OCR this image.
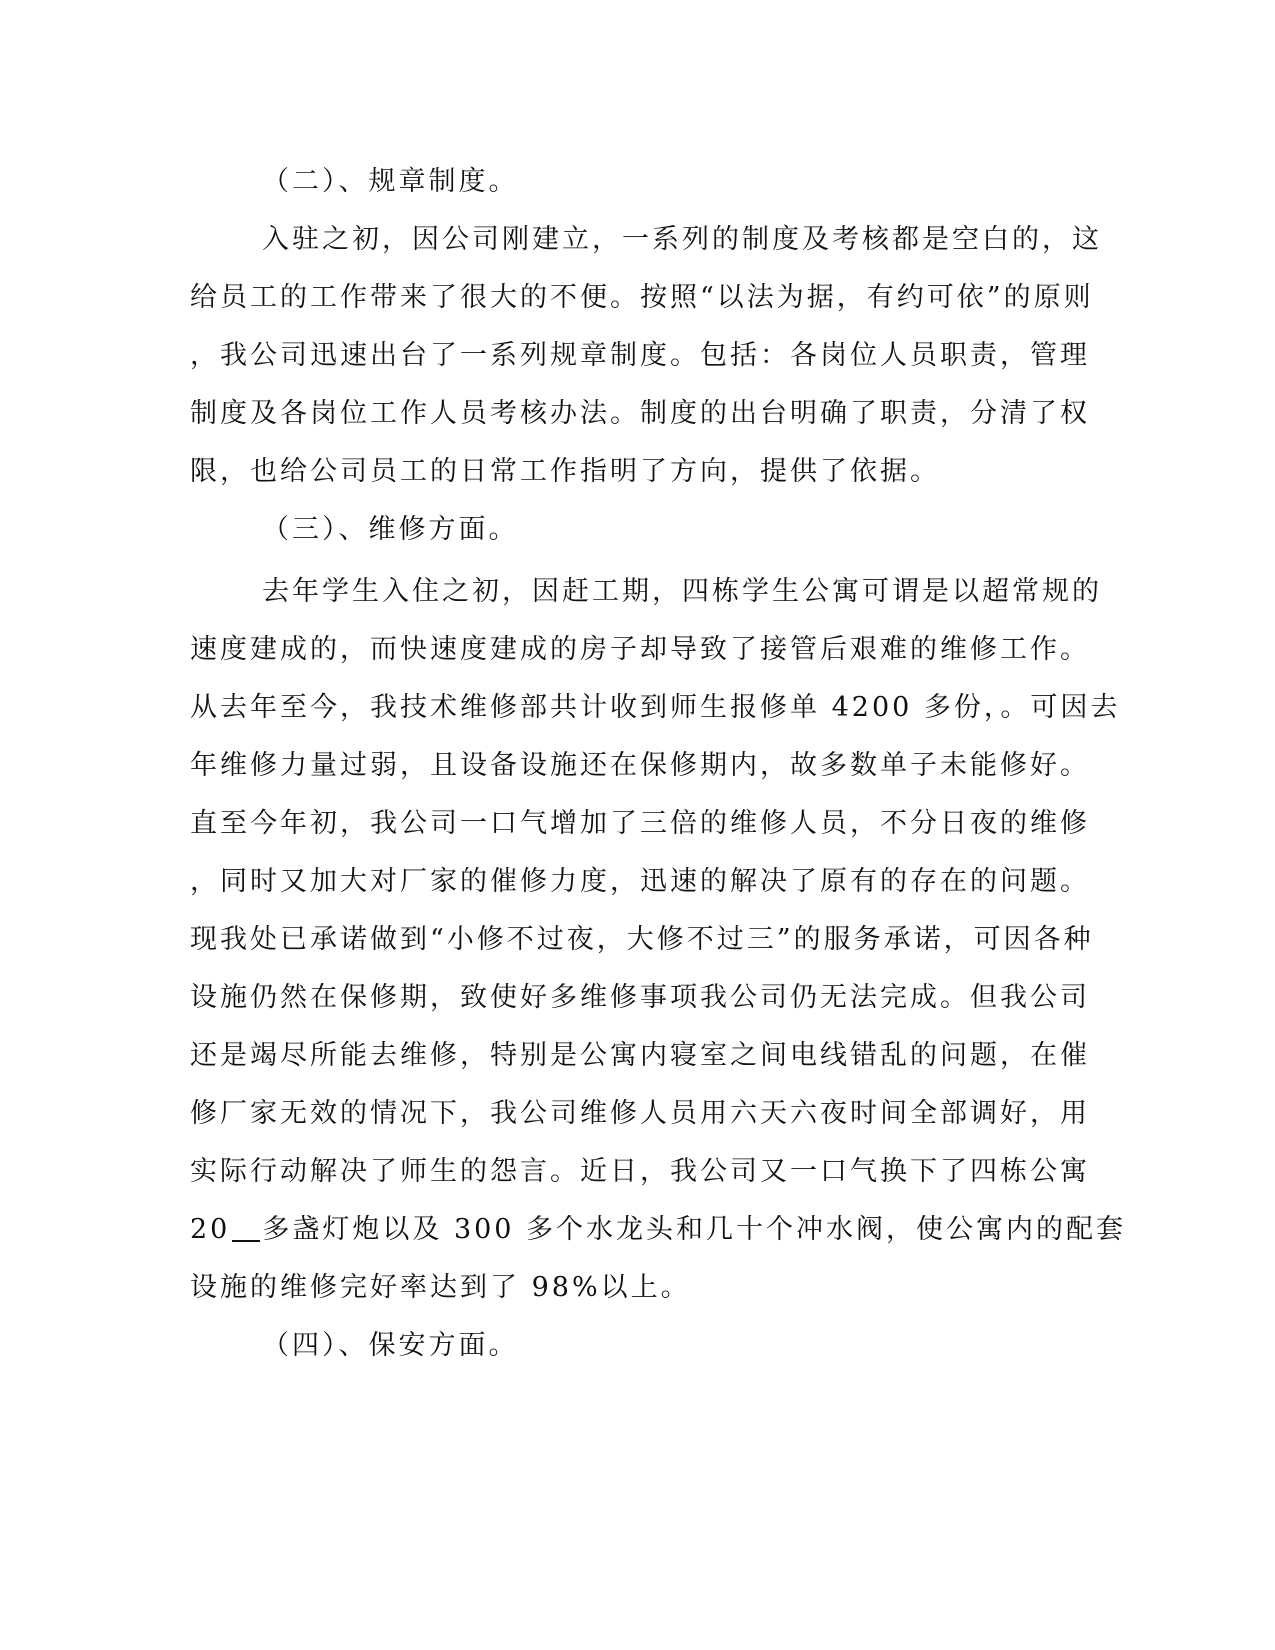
（二）、规章制度。
入驻之初，因公司刚建立，一系列的制度及考核都是空白的，这
给员工的工作带来了很大的不便。按照“以法为据，有约可依”的原则
，我公司迅速出台了一系列规章制度。包括：各岗位人员职责，管理
制度及各岗位工作人员考核办法。制度的出台明确了职责，分清了权
限，也给公司员工的日常工作指明了方向，提供了依据。
（三）、维修方面。
去年学生入住之初，因赶工期，四栋学生公寓可谓是以超常规的
速度建成的，而快速度建成的房子却导致了接管后艰难的维修工作。
从去年至今，我技术维修部共计收到师生报修单 4200 多份，。可因去
年维修力量过弱，且设备设施还在保修期内，故多数单子未能修好。
直至今年初，我公司一口气增加了三倍的维修人员，不分日夜的维修
，同时又加大对厂家的催修力度，迅速的解决了原有的存在的问题。
现我处已承诺做到“小修不过夜，大修不过三”的服务承诺，可因各种
设施仍然在保修期，致使好多维修事项我公司仍无法完成。但我公司
还是竭尽所能去维修，特别是公寓内寝室之间电线错乱的问题，在催
修厂家无效的情况下，我公司维修人员用六天六夜时间全部调好，用
实际行动解决了师生的怨言。近日，我公司又一口气换下了四栋公寓
20 多盏灯炮以及 300 多个水龙头和几十个冲水阀，使公寓内的配套
设施的维修完好率达到了 98%以上。
（四）、保安方面。
